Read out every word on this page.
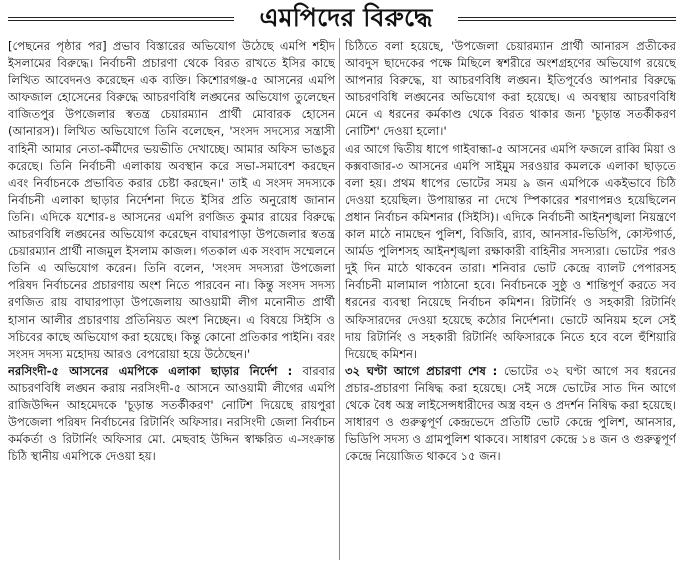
এমপিদের বিরুদ্ধে

[পেছনের পৃষ্ঠার পর] প্রভাব বিস্তারের অভিযোগ উঠেছে এমপি শহীদ ইসলামের বিরুদ্ধে। নির্বাচনী প্রচারণা থেকে বিরত রাখতে ইসির কাছে লিখিত আবেদনও করেছেন এক ব্যক্তি। কিশোরগঞ্জ-৫ আসনের এমপি আফজাল হোসেনের বিরুদ্ধে আচরণবিধি লঙ্ঘনের অভিযোগ তুলেছেন বাজিতপুর উপজেলার স্বতন্ত্র চেয়ারম্যান প্রার্থী মোবারক হোসেন (আনারস)। লিখিত অভিযোগে তিনি বলেছেন, 'সংসদ সদস্যের সন্ত্রাসী বাহিনী আমার নেতা-কর্মীদের ভয়ভীতি দেখাচ্ছে। আমার অফিস ভাঙচুর করেছে। তিনি নির্বাচনী এলাকায় অবস্থান করে সভা-সমাবেশ করছেন এবং নির্বাচনকে প্রভাবিত করার চেষ্টা করছেন।' তাই এ সংসদ সদস্যকে নির্বাচনী এলাকা ছাড়ার নির্দেশনা দিতে ইসির প্রতি অনুরোধ জানান তিনি। এদিকে যশোর-৪ আসনের এমপি রণজিত কুমার রায়ের বিরুদ্ধে আচরণবিধি লঙ্ঘনের অভিযোগ করেছেন বাঘারপাড়া উপজেলার স্বতন্ত্র চেয়ারম্যান প্রার্থী নাজমুল ইসলাম কাজল। গতকাল এক সংবাদ সম্মেলনে তিনি এ অভিযোগ করেন। তিনি বলেন, 'সংসদ সদস্যরা উপজেলা পরিষদ নির্বাচনের প্রচারণায় অংশ নিতে পারবেন না। কিন্তু সংসদ সদস্য রণজিত রায় বাঘারপাড়া উপজেলায় আওয়ামী লীগ মনোনীত প্রার্থী হাসান আলীর প্রচারণায় প্রতিনিয়ত অংশ নিচ্ছেন। এ বিষয়ে সিইসি ও সচিবের কাছে অভিযোগ করা হয়েছে। কিন্তু কোনো প্রতিকার পাইনি। বরং সংসদ সদস্য মহোদয় আরও বেপরোয়া হয়ে উঠেছেন।'

নরসিংদী-৫ আসনের এমপিকে এলাকা ছাড়ার নির্দেশ : বারবার আচরণবিধি লঙ্ঘন করায় নরসিংদী-৫ আসনে আওয়ামী লীগের এমপি রাজিউদ্দিন আহমেদকে 'চূড়ান্ত সতর্কীকরণ' নোটিশ দিয়েছে রায়পুরা উপজেলা পরিষদ নির্বাচনের রিটার্নিং অফিসার। নরসিংদী জেলা নির্বাচন কর্মকর্তা ও রিটার্নিং অফিসার মো. মেছবাহ উদ্দিন স্বাক্ষরিত এ-সংক্রান্ত চিঠি স্থানীয় এমপিকে দেওয়া হয়।

চিঠিতে বলা হয়েছে, 'উপজেলা চেয়ারম্যান প্রার্থী আনারস প্রতীকের আবদুস ছাদেকের পক্ষে মিছিলে স্বশরীরে অংশগ্রহণের অভিযোগ রয়েছে আপনার বিরুদ্ধে, যা আচরণবিধি লঙ্ঘন। ইতিপূর্বেও আপনার বিরুদ্ধে আচরণবিধি লঙ্ঘনের অভিযোগ করা হয়েছে। এ অবস্থায় আচরণবিধি মেনে এ ধরনের কর্মকাণ্ড থেকে বিরত থাকার জন্য 'চূড়ান্ত সতর্কীকরণ নোটিশ' দেওয়া হলো।'

এর আগে দ্বিতীয় ধাপে গাইবান্ধা-৫ আসনের এমপি ফজলে রাব্বি মিয়া ও কক্সবাজার-৩ আসনের এমপি সাইমুম সরওয়ার কমলকে এলাকা ছাড়তে বলা হয়। প্রথম ধাপের ভোটের সময় ৯ জন এমপিকে একইভাবে চিঠি দেওয়া হয়েছিল। উপায়ান্তর না দেখে স্পিকারের শরণাপন্নও হয়েছিলেন প্রধান নির্বাচন কমিশনার (সিইসি)। এদিকে নির্বাচনী আইনশৃঙ্খলা নিয়ন্ত্রণে কাল মাঠে নামছেন পুলিশ, বিজিবি, র‍্যাব, আনসার-ভিডিপি, কোস্টগার্ড, আর্মড পুলিশসহ আইনশৃঙ্খলা রক্ষাকারী বাহিনীর সদস্যরা। ভোটের পরও দুই দিন মাঠে থাকবেন তারা। শনিবার ভোট কেন্দ্রে ব্যালট পেপারসহ নির্বাচনী মালামাল পাঠানো হবে। নির্বাচনকে সুষ্ঠু ও শান্তিপূর্ণ করতে সব ধরনের ব্যবস্থা নিয়েছে নির্বাচন কমিশন। রিটার্নিং ও সহকারী রিটার্নিং অফিসারদের দেওয়া হয়েছে কঠোর নির্দেশনা। ভোটে অনিয়ম হলে সেই দায় রিটার্নিং ও সহকারী রিটার্নিং অফিসারকে নিতে হবে বলে হুঁশিয়ারি দিয়েছে কমিশন।

৩২ ঘণ্টা আগে প্রচারণা শেষ : ভোটের ৩২ ঘণ্টা আগে সব ধরনের প্রচার-প্রচারণা নিষিদ্ধ করা হয়েছে। সেই সঙ্গে ভোটের সাত দিন আগে থেকে বৈধ অস্ত্র লাইসেন্সধারীদের অস্ত্র বহন ও প্রদর্শন নিষিদ্ধ করা হয়েছে। সাধারণ ও গুরুত্বপূর্ণ কেন্দ্রভেদে প্রতিটি ভোট কেন্দ্রে পুলিশ, আনসার, ভিডিপি সদস্য ও গ্রামপুলিশ থাকবে। সাধারণ কেন্দ্রে ১৪ জন ও গুরুত্বপূর্ণ কেন্দ্রে নিয়োজিত থাকবে ১৫ জন।
